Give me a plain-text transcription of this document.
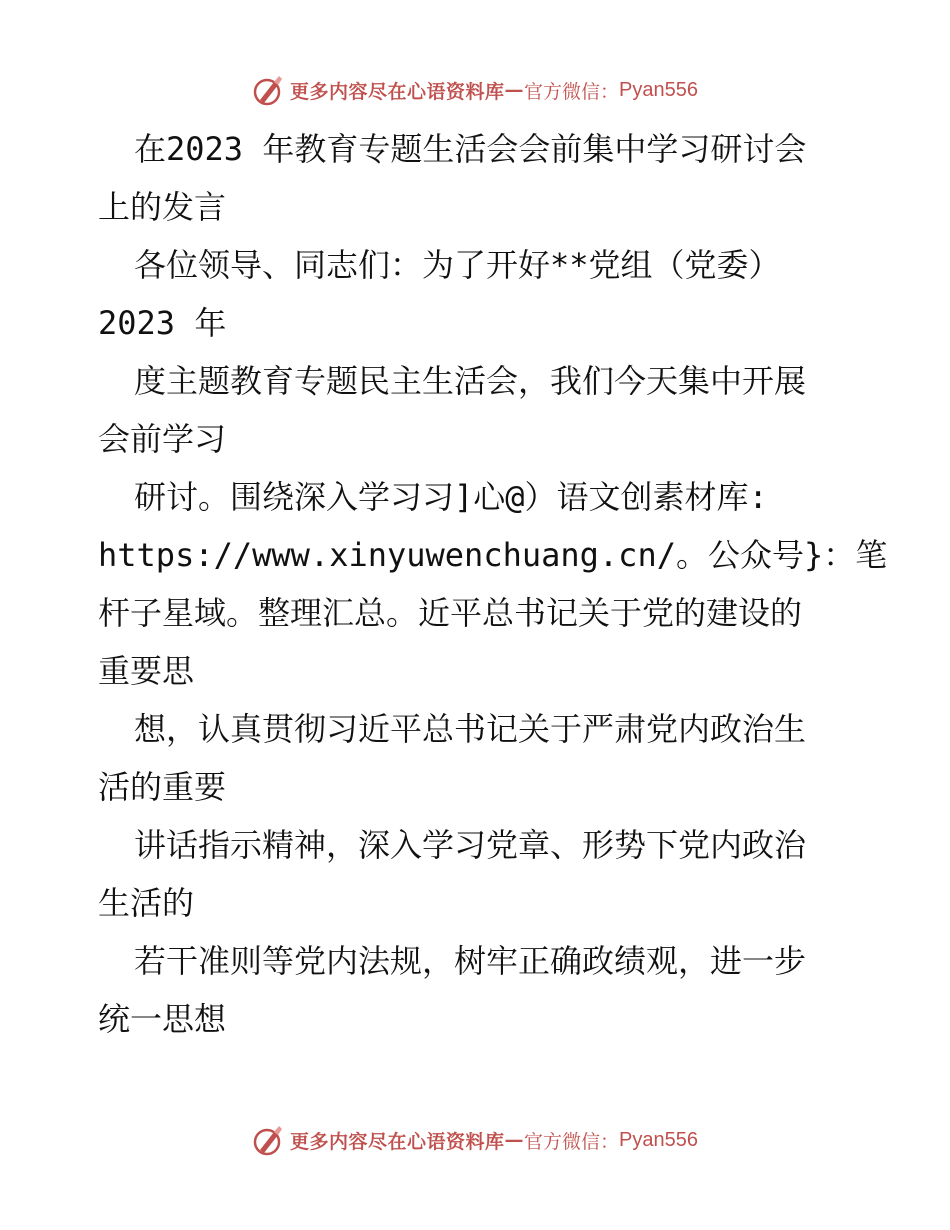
更多内容尽在心语资料库 — 官方微信： Pyan556
在2023 年教育专题生活会会前集中学习研讨会
上的发言
各位领导、同志们：为了开好**党组（党委）
2023 年
度主题教育专题民主生活会，我们今天集中开展
会前学习
研讨。围绕深入学习习]心@）语文创素材库:
https://www.xinyuwenchuang.cn/。公众号}：笔
杆子星域。整理汇总。近平总书记关于党的建设的
重要思
想，认真贯彻习近平总书记关于严肃党内政治生
活的重要
讲话指示精神，深入学习党章、形势下党内政治
生活的
若干准则等党内法规，树牢正确政绩观，进一步
统一思想
更多内容尽在心语资料库 — 官方微信： Pyan556
